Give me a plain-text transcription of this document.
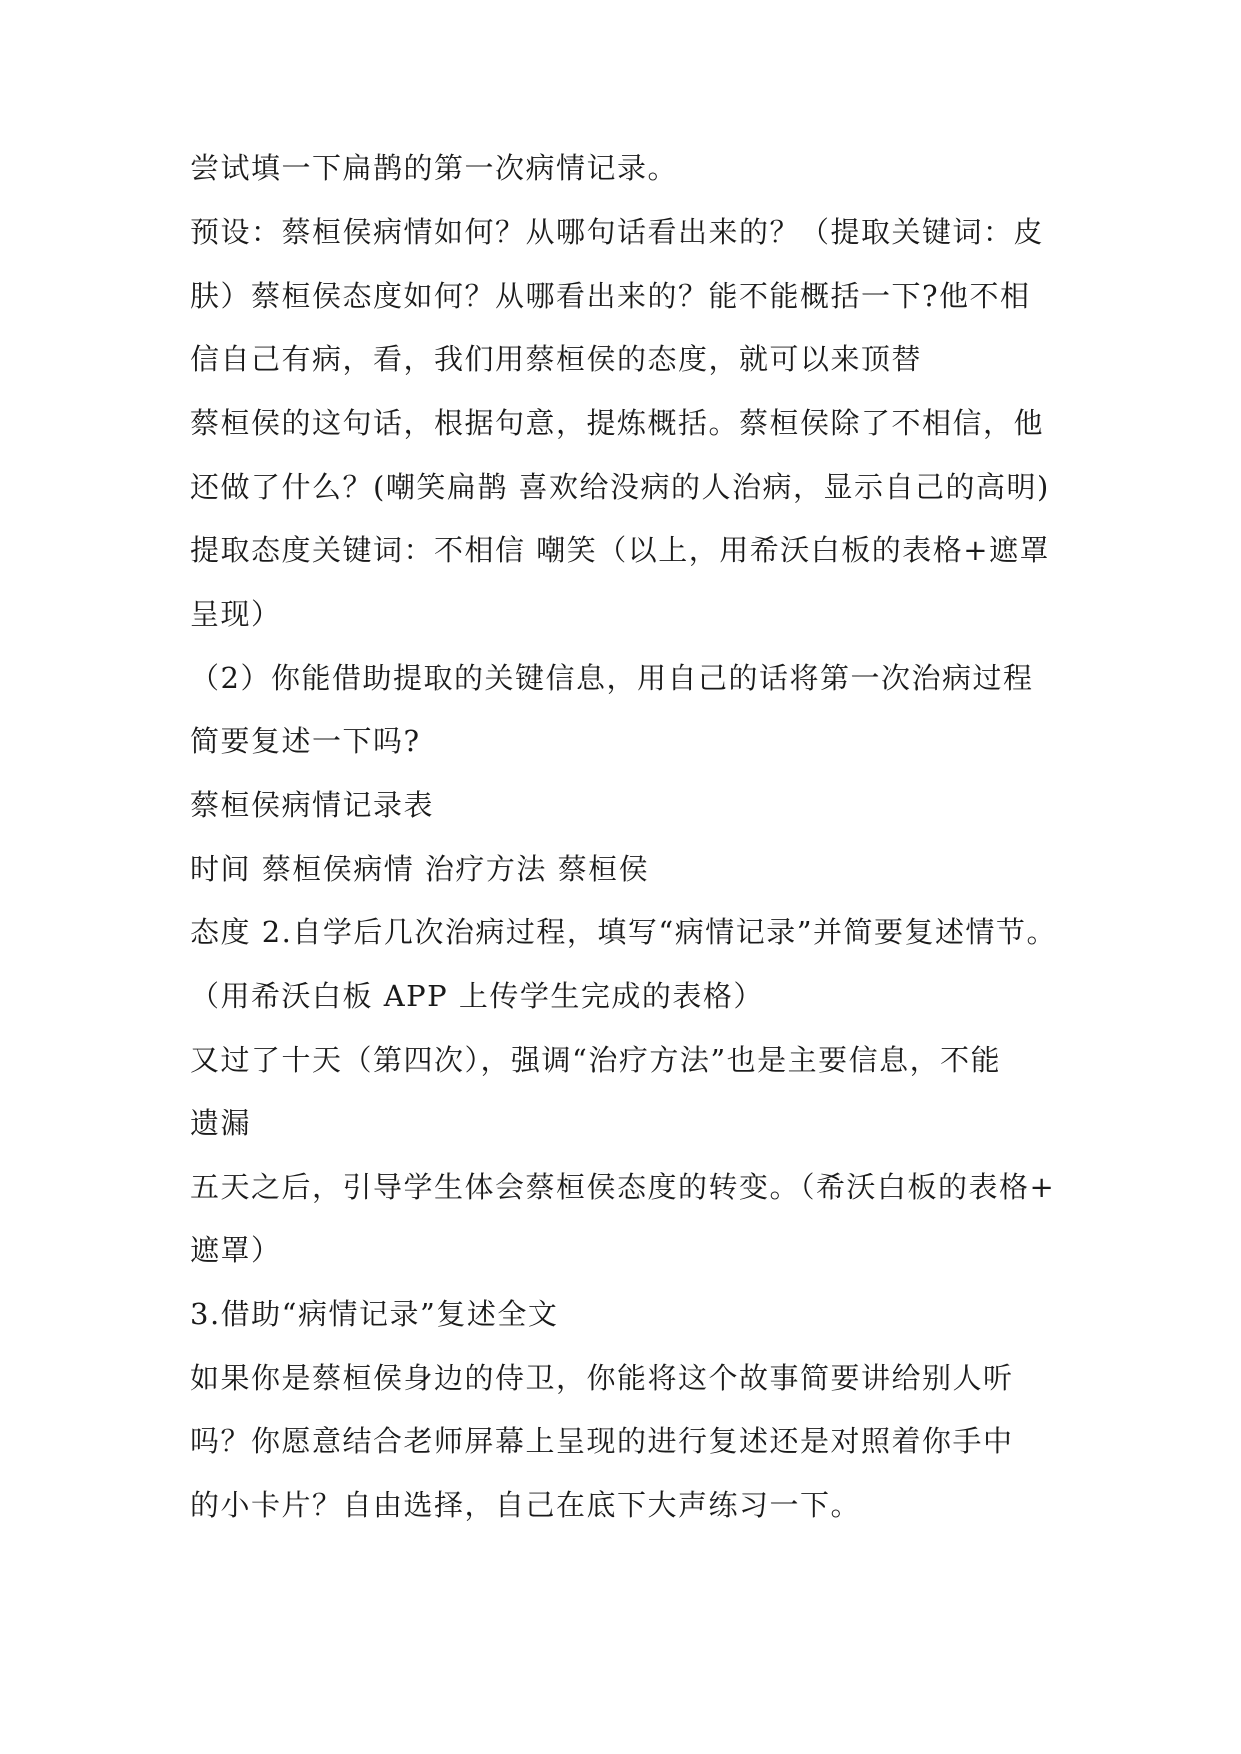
尝试填一下扁鹊的第一次病情记录。
预设：蔡桓侯病情如何？从哪句话看出来的？（提取关键词：皮
肤）蔡桓侯态度如何？从哪看出来的？能不能概括一下?他不相
信自己有病，看，我们用蔡桓侯的态度，就可以来顶替
蔡桓侯的这句话，根据句意，提炼概括。蔡桓侯除了不相信，他
还做了什么？(嘲笑扁鹊 喜欢给没病的人治病，显示自己的高明)
提取态度关键词：不相信 嘲笑（以上，用希沃白板的表格+遮罩
呈现）
（2）你能借助提取的关键信息，用自己的话将第一次治病过程
简要复述一下吗?
蔡桓侯病情记录表
时间 蔡桓侯病情 治疗方法 蔡桓侯
态度 2.自学后几次治病过程，填写“病情记录”并简要复述情节。
（用希沃白板 APP 上传学生完成的表格）
又过了十天（第四次），强调“治疗方法”也是主要信息，不能
遗漏
五天之后，引导学生体会蔡桓侯态度的转变。（希沃白板的表格+
遮罩）
3.借助“病情记录”复述全文
如果你是蔡桓侯身边的侍卫，你能将这个故事简要讲给别人听
吗？你愿意结合老师屏幕上呈现的进行复述还是对照着你手中
的小卡片？自由选择，自己在底下大声练习一下。
